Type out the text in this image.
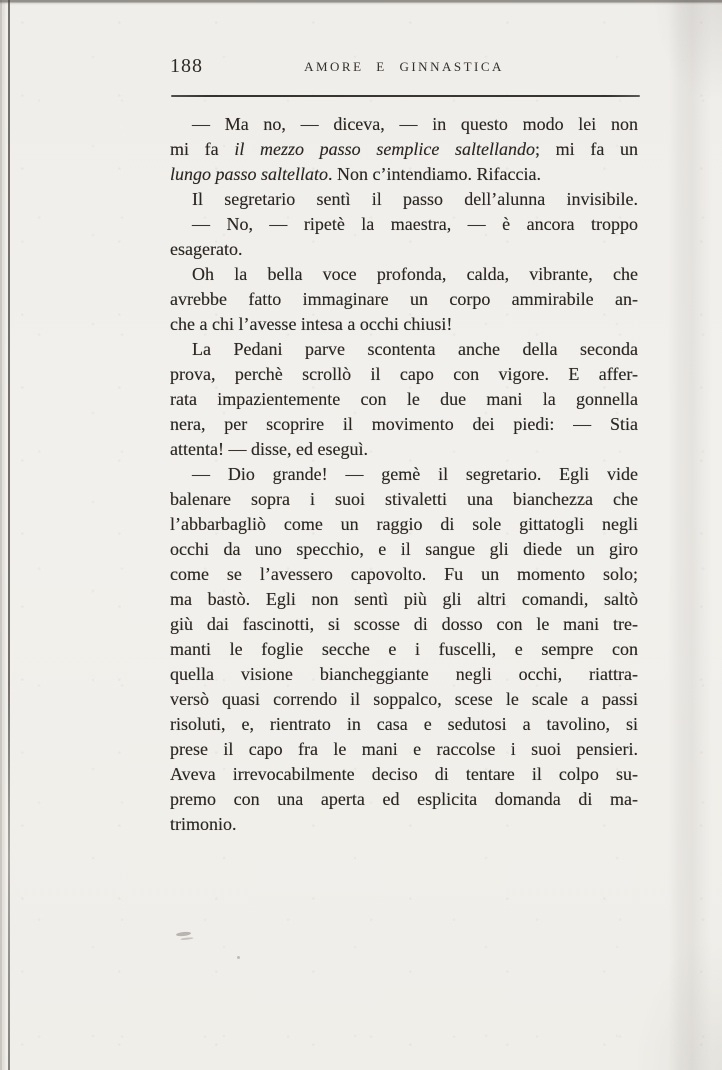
188	AMORE E GINNASTICA
— Ma no, — diceva, — in questo modo lei non
mi fa il mezzo passo semplice saltellando; mi fa un
lungo passo saltellato. Non c’intendiamo. Rifaccia.
Il segretario sentì il passo dell’alunna invisibile.
— No, — ripetè la maestra, — è ancora troppo
esagerato.
Oh la bella voce profonda, calda, vibrante, che
avrebbe fatto immaginare un corpo ammirabile an-
che a chi l’avesse intesa a occhi chiusi!
La Pedani parve scontenta anche della seconda
prova, perchè scrollò il capo con vigore. E affer-
rata impazientemente con le due mani la gonnella
nera, per scoprire il movimento dei piedi: — Stia
attenta! — disse, ed eseguì.
— Dio grande! — gemè il segretario. Egli vide
balenare sopra i suoi stivaletti una bianchezza che
l’abbarbagliò come un raggio di sole gittatogli negli
occhi da uno specchio, e il sangue gli diede un giro
come se l’avessero capovolto. Fu un momento solo;
ma bastò. Egli non sentì più gli altri comandi, saltò
giù dai fascinotti, si scosse di dosso con le mani tre-
manti le foglie secche e i fuscelli, e sempre con
quella visione biancheggiante negli occhi, riattra-
versò quasi correndo il soppalco, scese le scale a passi
risoluti, e, rientrato in casa e sedutosi a tavolino, si
prese il capo fra le mani e raccolse i suoi pensieri.
Aveva irrevocabilmente deciso di tentare il colpo su-
premo con una aperta ed esplicita domanda di ma-
trimonio.
